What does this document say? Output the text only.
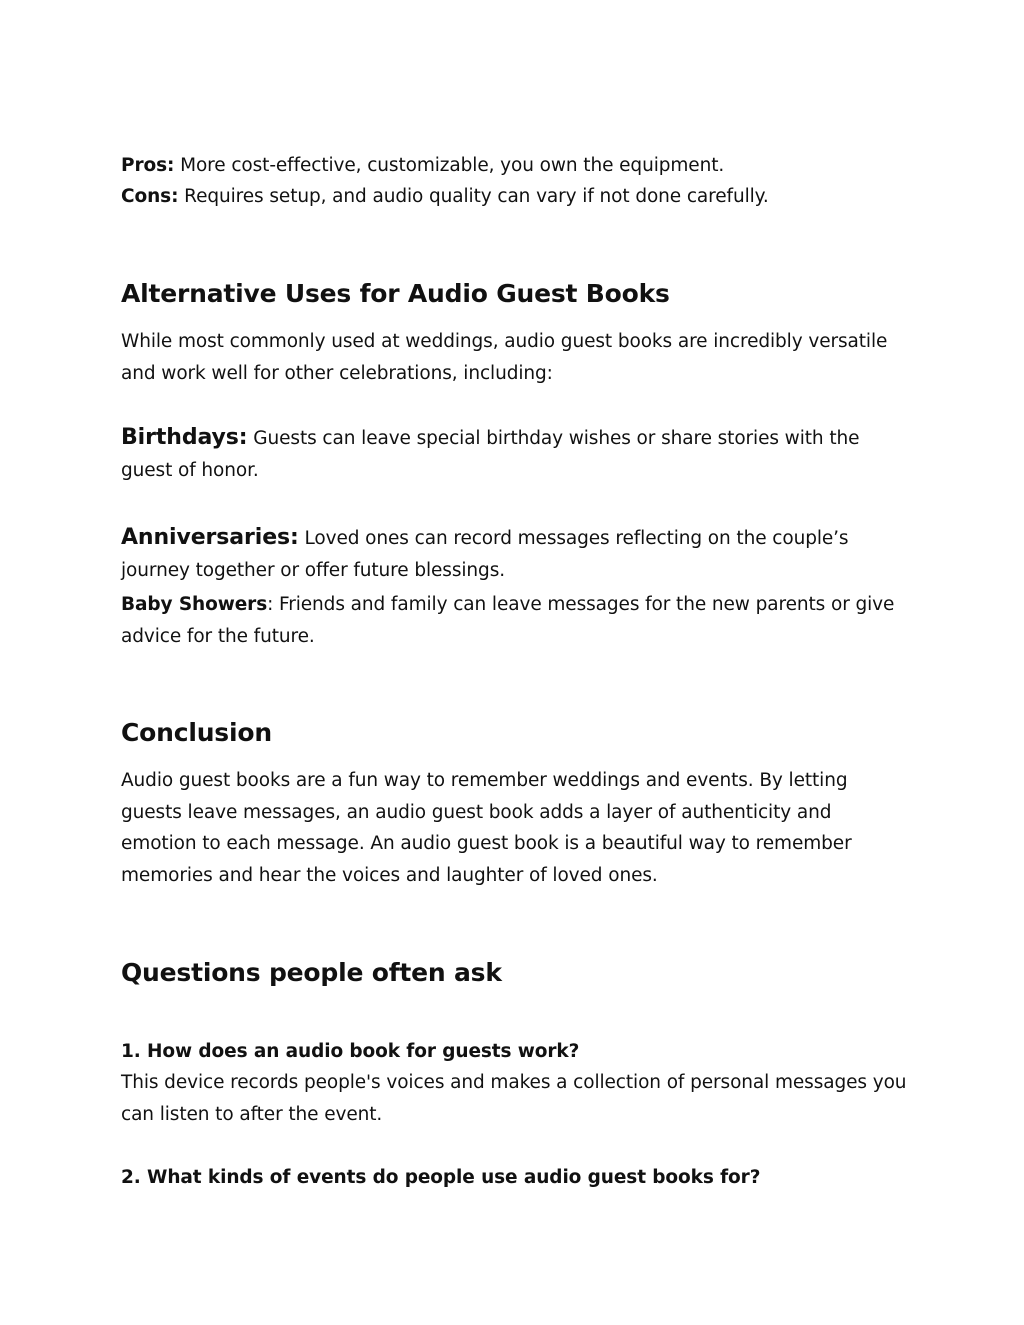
Pros: More cost-effective, customizable, you own the equipment.

Cons: Requires setup, and audio quality can vary if not done carefully.

Alternative Uses for Audio Guest Books

While most commonly used at weddings, audio guest books are incredibly versatile and work well for other celebrations, including:

Birthdays: Guests can leave special birthday wishes or share stories with the guest of honor.

Anniversaries: Loved ones can record messages reflecting on the couple’s journey together or offer future blessings.

Baby Showers: Friends and family can leave messages for the new parents or give advice for the future.

Conclusion

Audio guest books are a fun way to remember weddings and events. By letting guests leave messages, an audio guest book adds a layer of authenticity and emotion to each message. An audio guest book is a beautiful way to remember memories and hear the voices and laughter of loved ones.

Questions people often ask

1. How does an audio book for guests work?

This device records people's voices and makes a collection of personal messages you can listen to after the event.

2. What kinds of events do people use audio guest books for?
